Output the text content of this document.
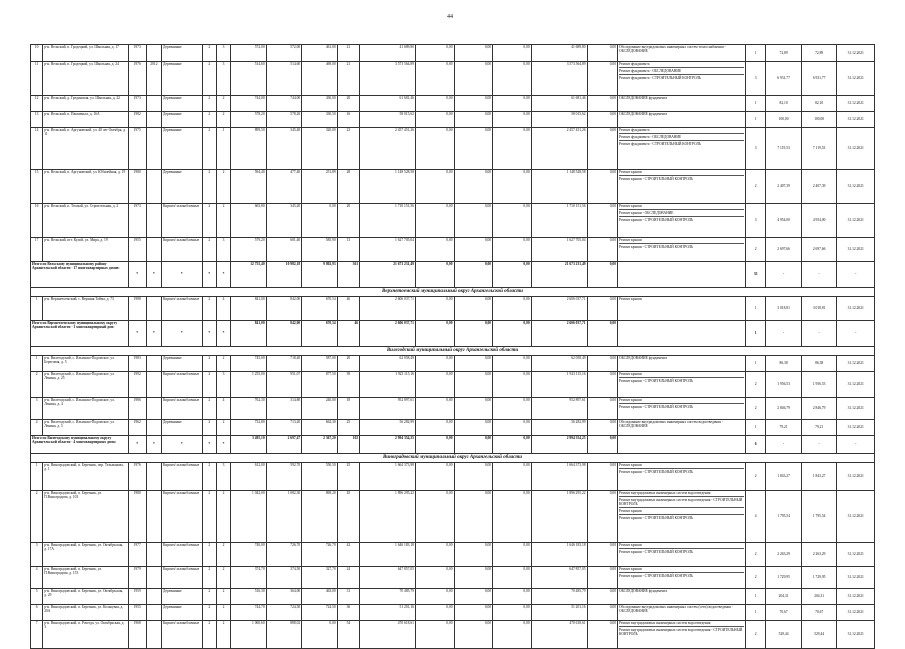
44
10	р-н. Вельский, п. Гродецкий, ул. Школьная, д. 17	1973		Деревянные	2	3	572,00	572,00	461,00	21	41 689,80	0,00	0,00	0,00	41 689,80	0,00	Обследование внутридомовых инженерных систем теплоснабжения - ОБСЛЕДОВАНИЕ	1	72,89	72,89	31.12.2021
11	р-н. Вельский, п. Гродецкий, ул. Школьная, д. 24	1976	2012	Деревянные	2	3	514,60	514,60	469,00	21	3 573 564,89	0,00	0,00	0,00	3 573 564,89	0,00	Ремонт фундамента
Ремонт фундамента - ОБСЛЕДОВАНИЕ
Ремонт фундамента - СТРОИТЕЛЬНЫЙ КОНТРОЛЬ	3	6 931,77	6 931,77	31.12.2021
12	р-н. Вельский, д. Грединская, ул. Школьная, д. 22	1973		Деревянные	2	2	744,00	744,00	430,00	20	61 681,46	0,00	0,00	0,00	61 681,46	0,00	ОБСЛЕДОВАНИЕ фундамента	1	82,10	82,10	31.12.2021
13	р-н. Вельский, п. Пакшеньга, д. 16А	1982		Деревянные	2	2	578,20	578,20	330,50	16	58 015,62	0,00	0,00	0,00	58 015,62	0,00	ОБСЛЕДОВАНИЕ фундамента	1	100,00	100,00	31.12.2021
14	р-н. Вельский, п. Аргуновский, ул. 40 лет Октября, д. 11	1975		Деревянные	2	1	899,50	345,40	320,00	23	2 457 451,26	0,00	0,00	0,00	2 457 451,26	0,00	Ремонт фундамента
Ремонт фундамента - ОБСЛЕДОВАНИЕ
Ремонт фундамента - СТРОИТЕЛЬНЫЙ КОНТРОЛЬ	3	7 119,53	7 119,53	31.12.2021
15	р-н. Вельский, п. Аргуновский, ул. Юбилейная, д. 19	1980		Деревянные	2	2	594,40	477,40	251,89	28	1 148 528,58	0,00	0,00	0,00	1 148 528,58	0,00	Ремонт крыши
Ремонт крыши - СТРОИТЕЛЬНЫЙ КОНТРОЛЬ	2	2 407,39	2 407,39	31.12.2021
16	р-н. Вельский, п. Теплый, ул. Строительная, д. 2	1973		Кирпич/ шлакоблочные	2	2	665,80	345,20	0,00	20	1 710 151,56	0,00	0,00	0,00	1 710 151,56	0,00	Ремонт крыши
Ремонт крыши - ОБСЛЕДОВАНИЕ
Ремонт крыши - СТРОИТЕЛЬНЫЙ КОНТРОЛЬ	3	4 954,00	4 954,00	31.12.2021
17	р-н. Вельский, пгт. Кулой, ул. Мира, д. 19	1955		Кирпич/ шлакоблочные	2	3	579,20	601,40	585,90	13	1 627 705,04	0,00	0,00	0,00	1 627 705,04	0,00	Ремонт крыши
Ремонт крыши - СТРОИТЕЛЬНЫЙ КОНТРОЛЬ	2	2 697,66	2 697,66	31.12.2021
Итого по Вельскому муниципальному району Архангельской области - 17 многоквартирных домов:		*	*	*	*	*	12 755,40	10 982,18	9 802,93	361	21 673 231,49	0,00	0,00	0,00	21 673 231,49	0,00		35	-	-	-
Верхнетоемский муниципальный округ Архангельской области																					
1	р-н. Верхнетоемский, с. Верхняя Тойма, д. 73	1988		Кирпич/ шлакоблочные	2	4	841,00	842,00	670,54	46	2 606 037,71	0,00	0,00	0,00	2 606 037,71	0,00	Ремонт крыши	1	3 018,81	3 018,81	31.12.2021
Итого по Верхнетоемскому муниципальному округу Архангельской области - 1 многоквартирный дом:		*	*	*	*	*	841,00	842,00	670,54	46	2 606 037,71	0,00	0,00	0,00	2 606 037,71	0,00		1	-	-	-
Вилегодский муниципальный округ Архангельской области																					
1	р-н. Вилегодский, с. Ильинско-Подомское, ул. Береговая, д. 5	1983		Деревянные	2	2	745,00	718,40	587,00	20	62 058,49	0,00	0,00	0,00	62 058,49	0,00	ОБСЛЕДОВАНИЕ фундамента	1	86,38	86,38	31.12.2021
2	р-н. Вилегодский, с. Ильинско-Подомское, ул. Ленина, д. 25	1992		Кирпич/ шлакоблочные	2	3	1 255,00	951,07	877,50	39	1 923 115,16	0,00	0,00	0,00	1 923 115,16	0,00	Ремонт крыши
Ремонт крыши - СТРОИТЕЛЬНЫЙ КОНТРОЛЬ	2	1 956,53	1 956,53	31.12.2021
3	р-н. Вилегодский, с. Ильинско-Подомское, ул. Ленина, д. 4	1986		Кирпич/ шлакоблочные	2	4	762,30	314,80	240,00	18	952 897,61	0,00	0,00	0,00	952 897,61	0,00	Ремонт крыши
Ремонт крыши - СТРОИТЕЛЬНЫЙ КОНТРОЛЬ	2	2 846,79	2 846,79	31.12.2021
4	р-н. Вилегодский, с. Ильинско-Подомское, ул. Ленина, д. 5	1962		Деревянные	2	2	732,80	713,20	662,30	25	56 282,99	0,00	0,00	0,00	56 282,99	0,00	Обследование внутридомовых инженерных систем водоотведения - ОБСЛЕДОВАНИЕ	1	79,21	79,21	31.12.2021
Итого по Вилегодскому муниципальному округу Архангельской области - 4 многоквартирных дома:		*	*	*	*	*	3 495,10	2 697,47	2 367,20	102	2 994 354,25	0,00	0,00	0,00	2 994 354,25	0,00		6	-	-	-
Виноградовский муниципальный округ Архангельской области																					
1	р-н. Виноградовский, п. Березник, пер. Тельманова, д. 1	1976		Кирпич/ шлакоблочные	2	3	612,00	592,70	550,50	25	1 664 373,98	0,00	0,00	0,00	1 664 373,98	0,00	Ремонт крыши
Ремонт крыши - СТРОИТЕЛЬНЫЙ КОНТРОЛЬ	2	1 843,27	1 843,27	31.12.2021
2	р-н. Виноградовский, п. Березник, ул. П.Виноградова, д. 103	1980		Кирпич/ шлакоблочные	2	2	1 042,00	1 082,30	869,20	45	1 896 295,22	0,00	0,00	0,00	1 896 295,22	0,00	Ремонт внутридомовых инженерных систем водоотведения
Ремонт внутридомовых инженерных систем водоотведения - СТРОИТЕЛЬНЫЙ КОНТРОЛЬ
Ремонт крыши
Ремонт крыши - СТРОИТЕЛЬНЫЙ КОНТРОЛЬ	4	1 795,54	1 795,54	31.12.2021
3	р-н. Виноградовский, п. Березник, ул. Октябрьская, д. 17А	1977		Кирпич/ шлакоблочные	2	2	740,00	726,70	726,70	42	1 646 183,18	0,00	0,00	0,00	1 646 183,18	0,00	Ремонт крыши
Ремонт крыши - СТРОИТЕЛЬНЫЙ КОНТРОЛЬ	2	2 263,29	2 263,29	31.12.2021
4	р-н. Виноградовский, п. Березник, ул. П.Виноградова, д. 153	1979		Кирпич/ шлакоблочные	2	2	374,70	374,50	327,70	24	647 857,05	0,00	0,00	0,00	647 857,05	0,00	Ремонт крыши
Ремонт крыши - СТРОИТЕЛЬНЫЙ КОНТРОЛЬ	2	1 729,95	1 729,95	31.12.2021
5	р-н. Виноградовский, п. Березник, ул. Октябрьская, д. 29	1959		Деревянные	2	2	516,30	364,00	463,00	31	70 485,79	0,00	0,00	0,00	70 485,79	0,00	ОБСЛЕДОВАНИЕ фундамента	1	204,31	204,31	31.12.2021
6	р-н. Виноградовский, п. Березник, ул. Кольцевая, д. 20А	1955		Деревянные	2	2	744,70	724,50	724,50	36	51 201,16	0,00	0,00	0,00	51 201,16	0,00	Обследование внутридомовых инженерных систем (сети) водоотведения - ОБСЛЕДОВАНИЕ	1	70,67	70,67	31.12.2021
7	р-н. Виноградовский, п. Рочегда, ул. Октябрьская, д. 3	1968		Кирпич/ шлакоблочные	2	2	1 060,60	888,02	0,00	54	470 618,61	0,00	0,00	0,00	470 618,61	0,00	Ремонт внутридомовых инженерных систем водоотведения
Ремонт внутридомовых инженерных систем водоотведения - СТРОИТЕЛЬНЫЙ КОНТРОЛЬ	2	529,44	529,44	31.12.2021
